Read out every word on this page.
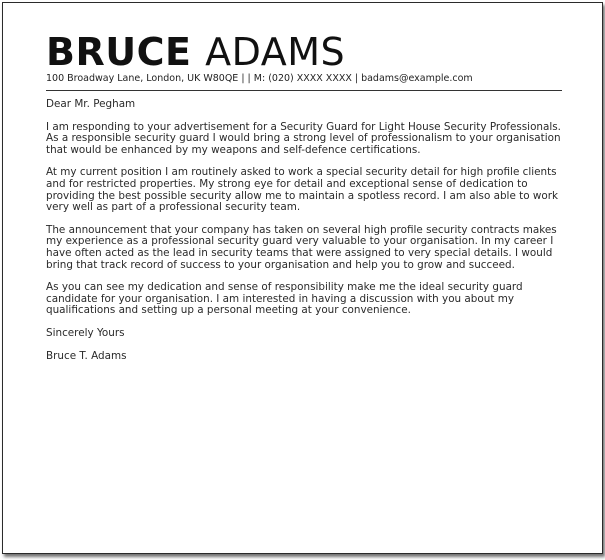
BRUCE ADAMS
100 Broadway Lane, London, UK W80QE | | M: (020) XXXX XXXX | badams@example.com

Dear Mr. Pegham

I am responding to your advertisement for a Security Guard for Light House Security Professionals. As a responsible security guard I would bring a strong level of professionalism to your organisation that would be enhanced by my weapons and self-defence certifications.

At my current position I am routinely asked to work a special security detail for high profile clients and for restricted properties. My strong eye for detail and exceptional sense of dedication to providing the best possible security allow me to maintain a spotless record. I am also able to work very well as part of a professional security team.

The announcement that your company has taken on several high profile security contracts makes my experience as a professional security guard very valuable to your organisation. In my career I have often acted as the lead in security teams that were assigned to very special details. I would bring that track record of success to your organisation and help you to grow and succeed.

As you can see my dedication and sense of responsibility make me the ideal security guard candidate for your organisation. I am interested in having a discussion with you about my qualifications and setting up a personal meeting at your convenience.

Sincerely Yours

Bruce T. Adams
